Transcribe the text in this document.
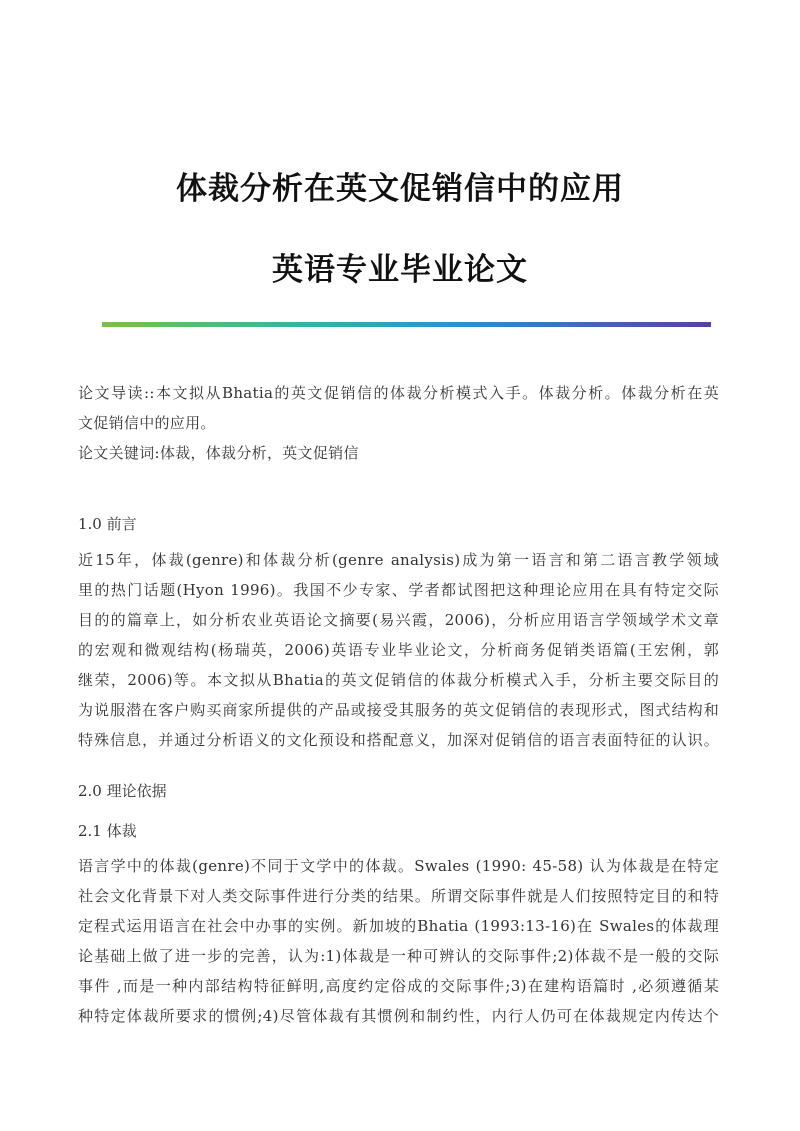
体裁分析在英文促销信中的应用
英语专业毕业论文
论文导读::本文拟从Bhatia的英文促销信的体裁分析模式入手。体裁分析。体裁分析在英
文促销信中的应用。
论文关键词:体裁，体裁分析，英文促销信
1.0 前言
近15年，体裁(genre)和体裁分析(genre analysis)成为第一语言和第二语言教学领域
里的热门话题(Hyon 1996)。我国不少专家、学者都试图把这种理论应用在具有特定交际
目的的篇章上，如分析农业英语论文摘要(易兴霞，2006)，分析应用语言学领域学术文章
的宏观和微观结构(杨瑞英，2006)英语专业毕业论文，分析商务促销类语篇(王宏俐，郭
继荣，2006)等。本文拟从Bhatia的英文促销信的体裁分析模式入手，分析主要交际目的
为说服潜在客户购买商家所提供的产品或接受其服务的英文促销信的表现形式，图式结构和
特殊信息，并通过分析语义的文化预设和搭配意义，加深对促销信的语言表面特征的认识。
2.0 理论依据
2.1 体裁
语言学中的体裁(genre)不同于文学中的体裁。Swales (1990: 45-58) 认为体裁是在特定
社会文化背景下对人类交际事件进行分类的结果。所谓交际事件就是人们按照特定目的和特
定程式运用语言在社会中办事的实例。新加坡的Bhatia (1993:13-16)在 Swales的体裁理
论基础上做了进一步的完善，认为:1)体裁是一种可辨认的交际事件;2)体裁不是一般的交际
事件 ,而是一种内部结构特征鲜明,高度约定俗成的交际事件;3)在建构语篇时 ,必须遵循某
种特定体裁所要求的惯例;4)尽管体裁有其惯例和制约性，内行人仍可在体裁规定内传达个
